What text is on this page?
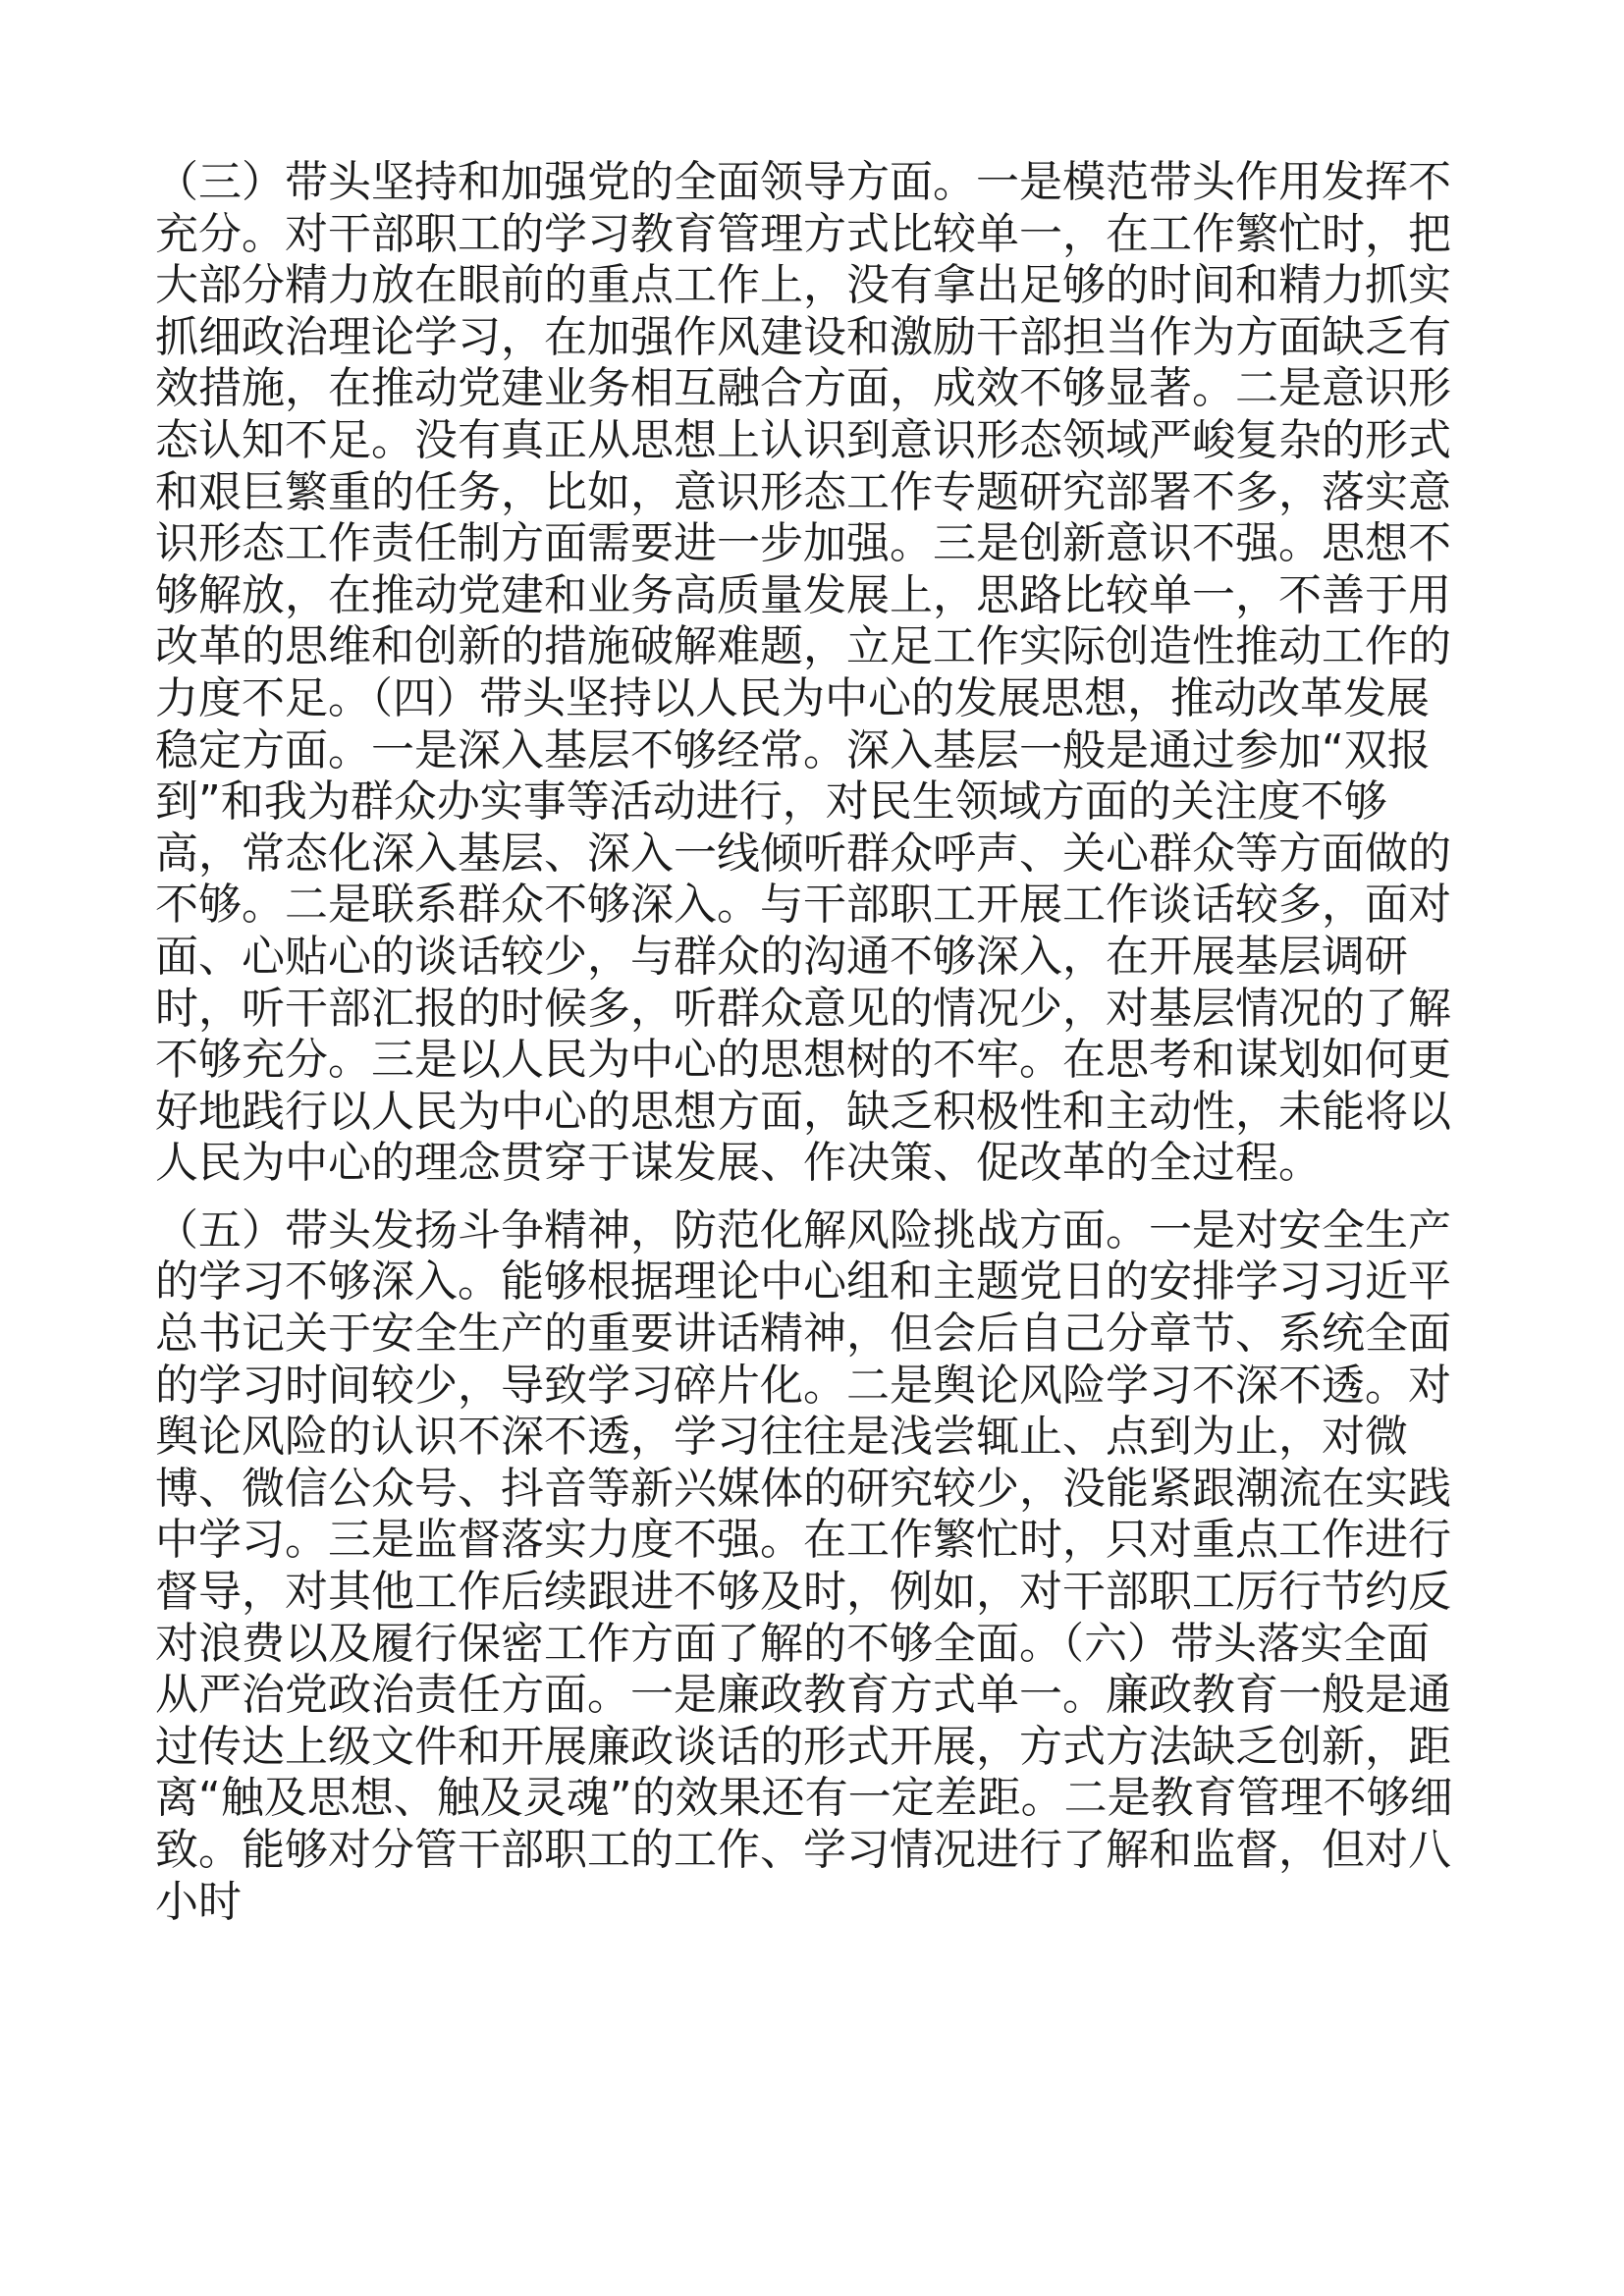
（三）带头坚持和加强党的全面领导方面。一是模范带头作用发挥不充分。对干部职工的学习教育管理方式比较单一，在工作繁忙时，把大部分精力放在眼前的重点工作上，没有拿出足够的时间和精力抓实抓细政治理论学习，在加强作风建设和激励干部担当作为方面缺乏有效措施，在推动党建业务相互融合方面，成效不够显著。二是意识形态认知不足。没有真正从思想上认识到意识形态领域严峻复杂的形式和艰巨繁重的任务，比如，意识形态工作专题研究部署不多，落实意识形态工作责任制方面需要进一步加强。三是创新意识不强。思想不够解放，在推动党建和业务高质量发展上，思路比较单一，不善于用改革的思维和创新的措施破解难题，立足工作实际创造性推动工作的力度不足。（四）带头坚持以人民为中心的发展思想，推动改革发展稳定方面。一是深入基层不够经常。深入基层一般是通过参加“双报到”和我为群众办实事等活动进行，对民生领域方面的关注度不够高，常态化深入基层、深入一线倾听群众呼声、关心群众等方面做的不够。二是联系群众不够深入。与干部职工开展工作谈话较多，面对面、心贴心的谈话较少，与群众的沟通不够深入，在开展基层调研时，听干部汇报的时候多，听群众意见的情况少，对基层情况的了解不够充分。三是以人民为中心的思想树的不牢。在思考和谋划如何更好地践行以人民为中心的思想方面，缺乏积极性和主动性，未能将以人民为中心的理念贯穿于谋发展、作决策、促改革的全过程。

（五）带头发扬斗争精神，防范化解风险挑战方面。一是对安全生产的学习不够深入。能够根据理论中心组和主题党日的安排学习习近平总书记关于安全生产的重要讲话精神，但会后自己分章节、系统全面的学习时间较少，导致学习碎片化。二是舆论风险学习不深不透。对舆论风险的认识不深不透，学习往往是浅尝辄止、点到为止，对微博、微信公众号、抖音等新兴媒体的研究较少，没能紧跟潮流在实践中学习。三是监督落实力度不强。在工作繁忙时，只对重点工作进行督导，对其他工作后续跟进不够及时，例如，对干部职工厉行节约反对浪费以及履行保密工作方面了解的不够全面。（六）带头落实全面从严治党政治责任方面。一是廉政教育方式单一。廉政教育一般是通过传达上级文件和开展廉政谈话的形式开展，方式方法缺乏创新，距离“触及思想、触及灵魂”的效果还有一定差距。二是教育管理不够细致。能够对分管干部职工的工作、学习情况进行了解和监督，但对八小时
